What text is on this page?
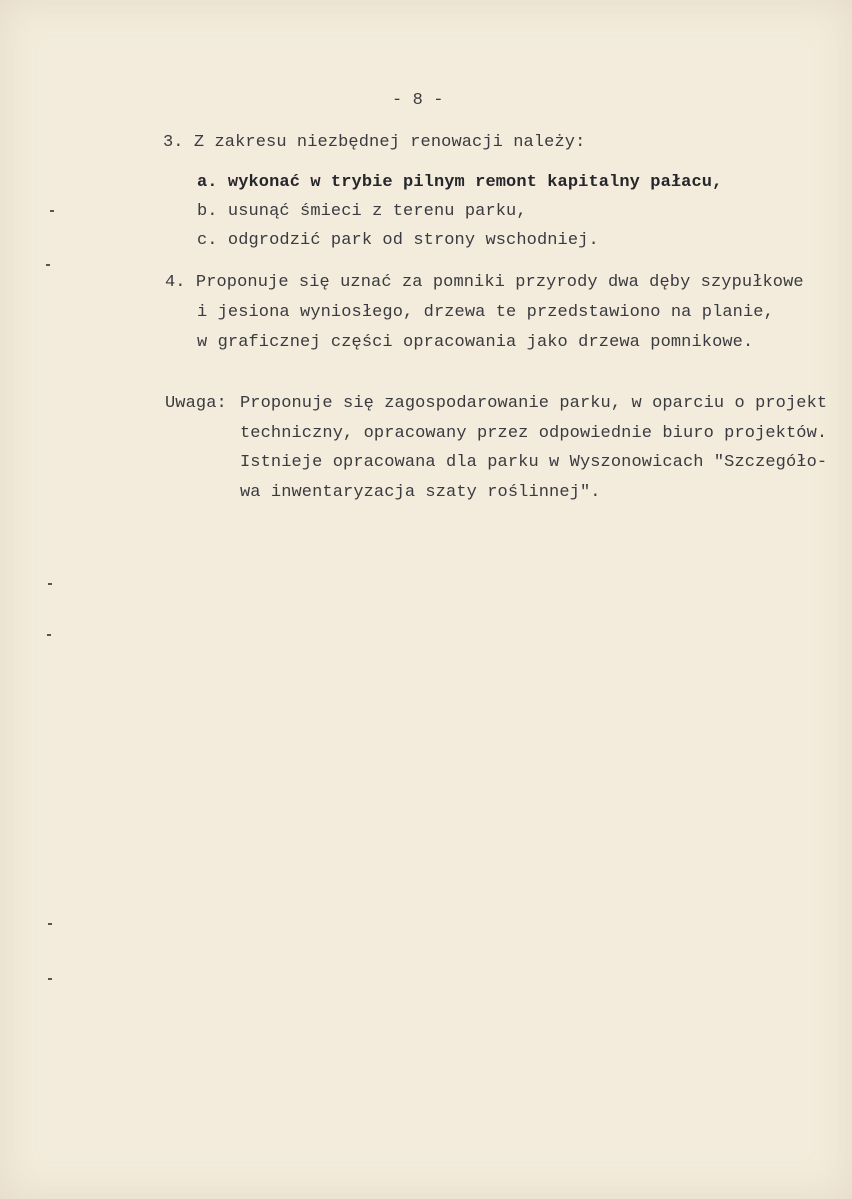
- 8 -
3. Z zakresu niezbędnej renowacji należy:
a. wykonać w trybie pilnym remont kapitalny pałacu,
b. usunąć śmieci z terenu parku,
c. odgrodzić park od strony wschodniej.
4. Proponuje się uznać za pomniki przyrody dwa dęby szypułkowe
i jesiona wyniosłego, drzewa te przedstawiono na planie,
w graficznej części opracowania jako drzewa pomnikowe.
Uwaga: Proponuje się zagospodarowanie parku, w oparciu o projekt
techniczny, opracowany przez odpowiednie biuro projektów.
Istnieje opracowana dla parku w Wyszonowicach "Szczegóło-
wa inwentaryzacja szaty roślinnej".
